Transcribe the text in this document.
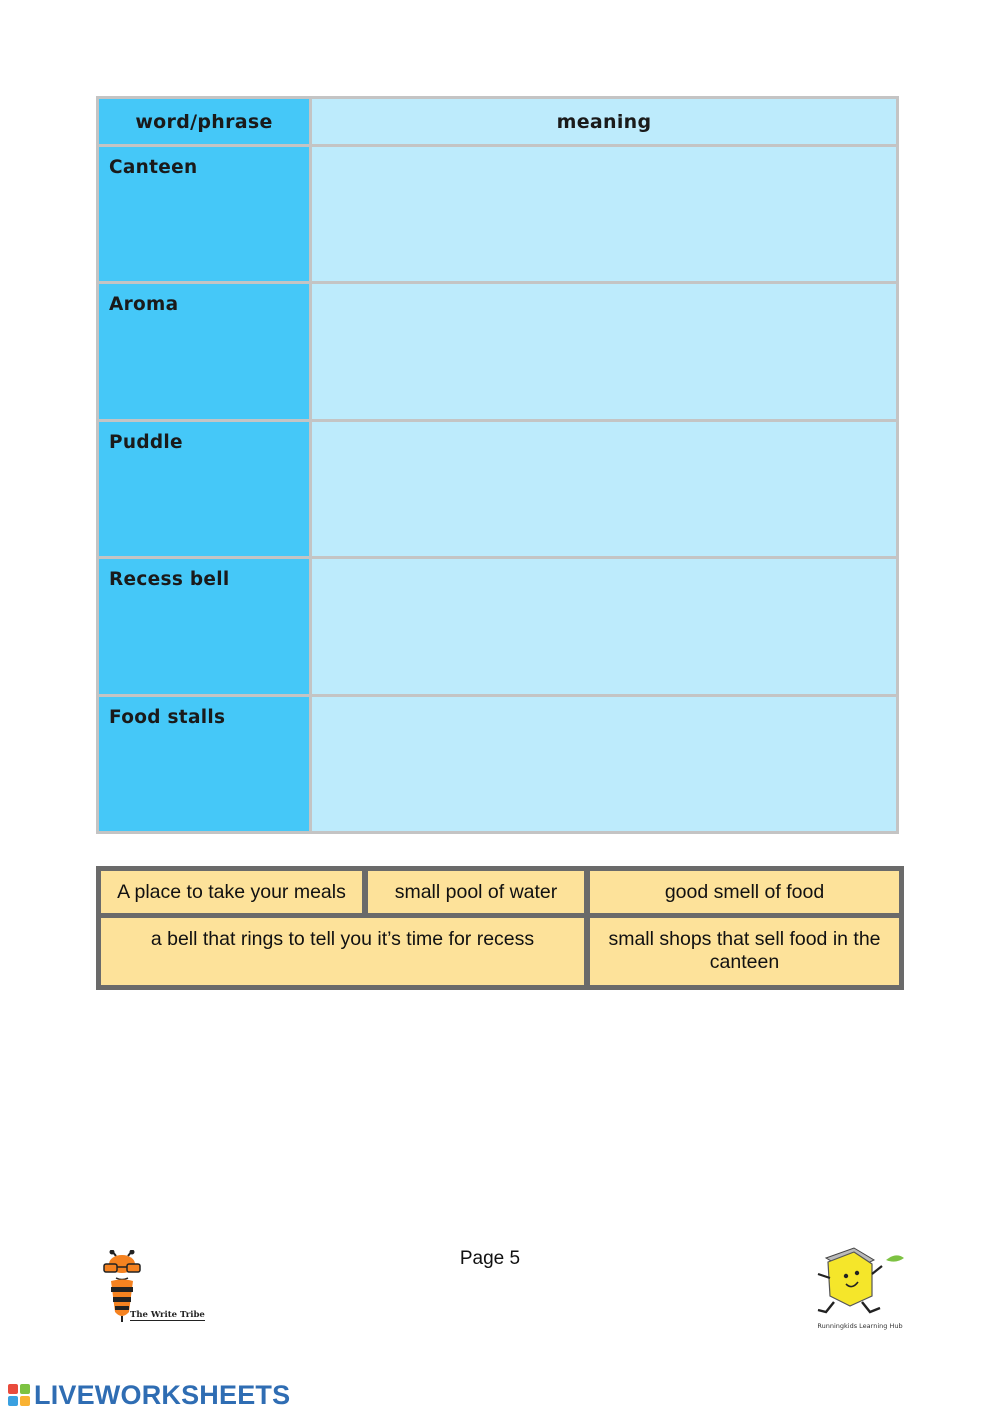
word/phrase	meaning
Canteen
Aroma
Puddle
Recess bell
Food stalls
A place to take your meals	small pool of water	good smell of food
a bell that rings to tell you it’s time for recess	small shops that sell food in the canteen
Page 5
The Write Tribe
Runningkids Learning Hub
LIVEWORKSHEETS
